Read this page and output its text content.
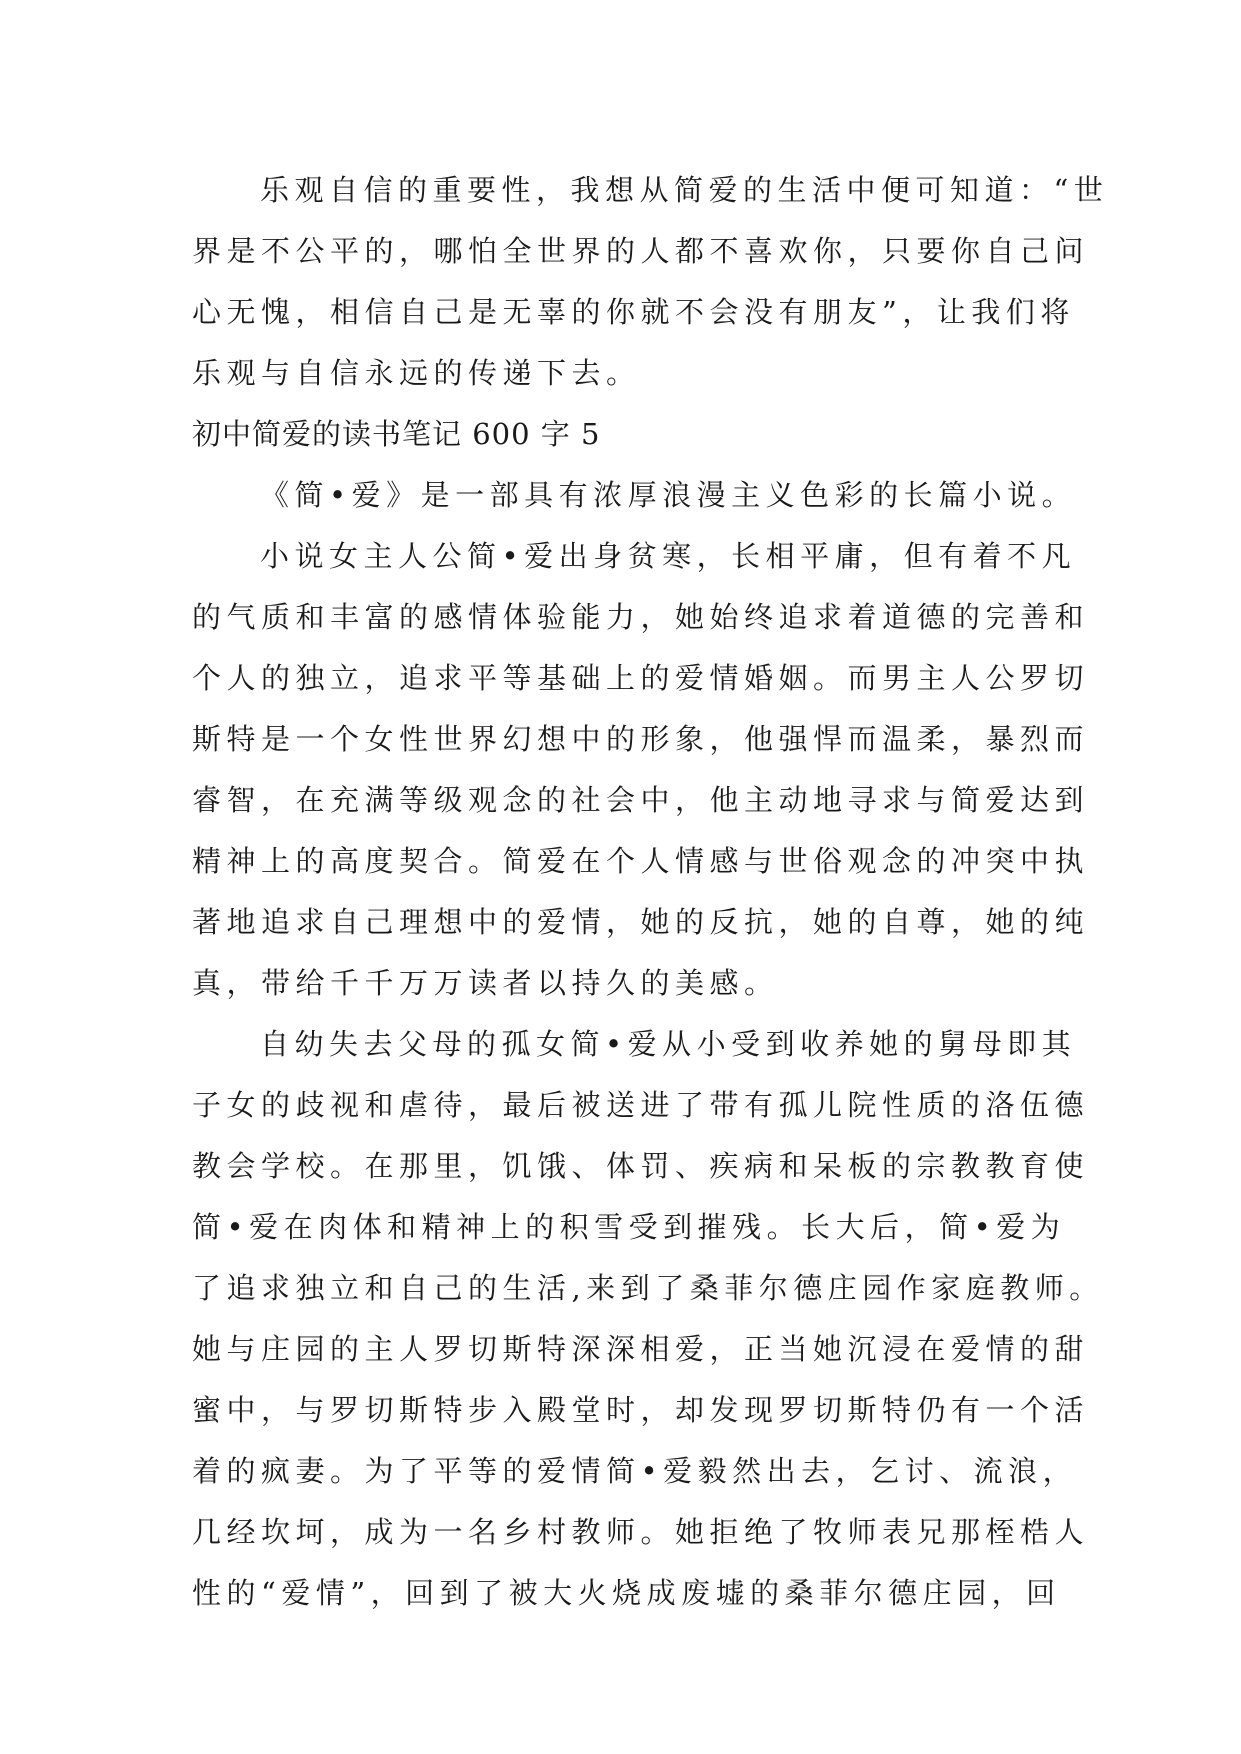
乐观自信的重要性，我想从简爱的生活中便可知道：“世
界是不公平的，哪怕全世界的人都不喜欢你，只要你自己问
心无愧，相信自己是无辜的你就不会没有朋友”，让我们将
乐观与自信永远的传递下去。
初中简爱的读书笔记 600 字 5
《简•爱》是一部具有浓厚浪漫主义色彩的长篇小说。
小说女主人公简•爱出身贫寒，长相平庸，但有着不凡
的气质和丰富的感情体验能力，她始终追求着道德的完善和
个人的独立，追求平等基础上的爱情婚姻。而男主人公罗切
斯特是一个女性世界幻想中的形象，他强悍而温柔，暴烈而
睿智，在充满等级观念的社会中，他主动地寻求与简爱达到
精神上的高度契合。简爱在个人情感与世俗观念的冲突中执
著地追求自己理想中的爱情，她的反抗，她的自尊，她的纯
真，带给千千万万读者以持久的美感。
自幼失去父母的孤女简•爱从小受到收养她的舅母即其
子女的歧视和虐待，最后被送进了带有孤儿院性质的洛伍德
教会学校。在那里，饥饿、体罚、疾病和呆板的宗教教育使
简•爱在肉体和精神上的积雪受到摧残。长大后，简•爱为
了追求独立和自己的生活,来到了桑菲尔德庄园作家庭教师。
她与庄园的主人罗切斯特深深相爱，正当她沉浸在爱情的甜
蜜中，与罗切斯特步入殿堂时，却发现罗切斯特仍有一个活
着的疯妻。为了平等的爱情简•爱毅然出去，乞讨、流浪，
几经坎坷，成为一名乡村教师。她拒绝了牧师表兄那桎梏人
性的“爱情”，回到了被大火烧成废墟的桑菲尔德庄园，回
